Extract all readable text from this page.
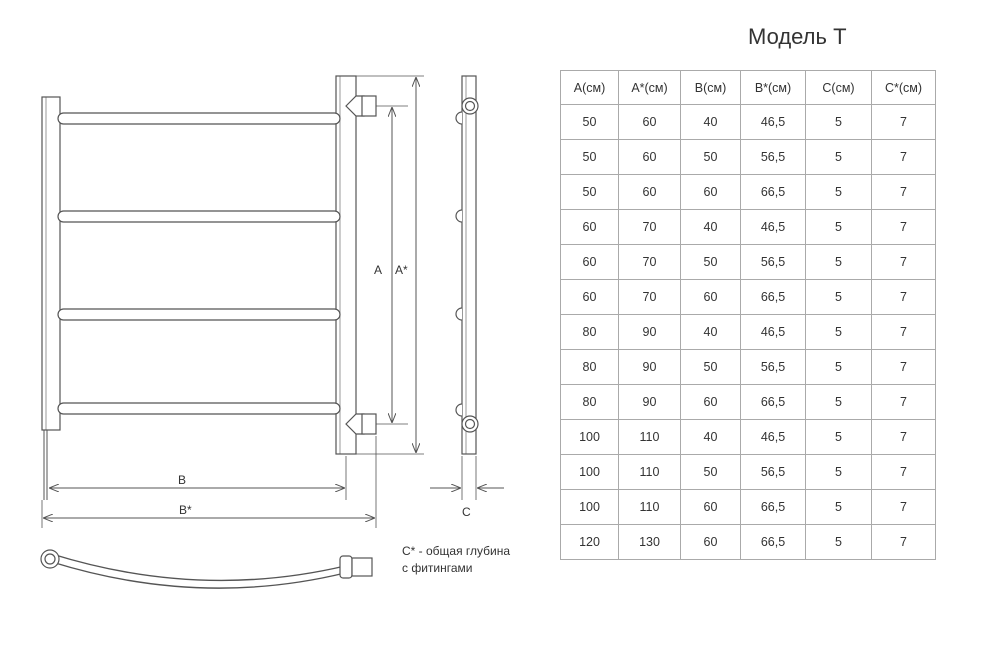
Модель Т
A A*
B
B*	C
C* - общая глубина
с фитингами
A(см)	A*(см)	B(см)	B*(см)	C(см)	C*(см)
50	60	40	46,5	5	7
50	60	50	56,5	5	7
50	60	60	66,5	5	7
60	70	40	46,5	5	7
60	70	50	56,5	5	7
60	70	60	66,5	5	7
80	90	40	46,5	5	7
80	90	50	56,5	5	7
80	90	60	66,5	5	7
100	110	40	46,5	5	7
100	110	50	56,5	5	7
100	110	60	66,5	5	7
120	130	60	66,5	5	7
